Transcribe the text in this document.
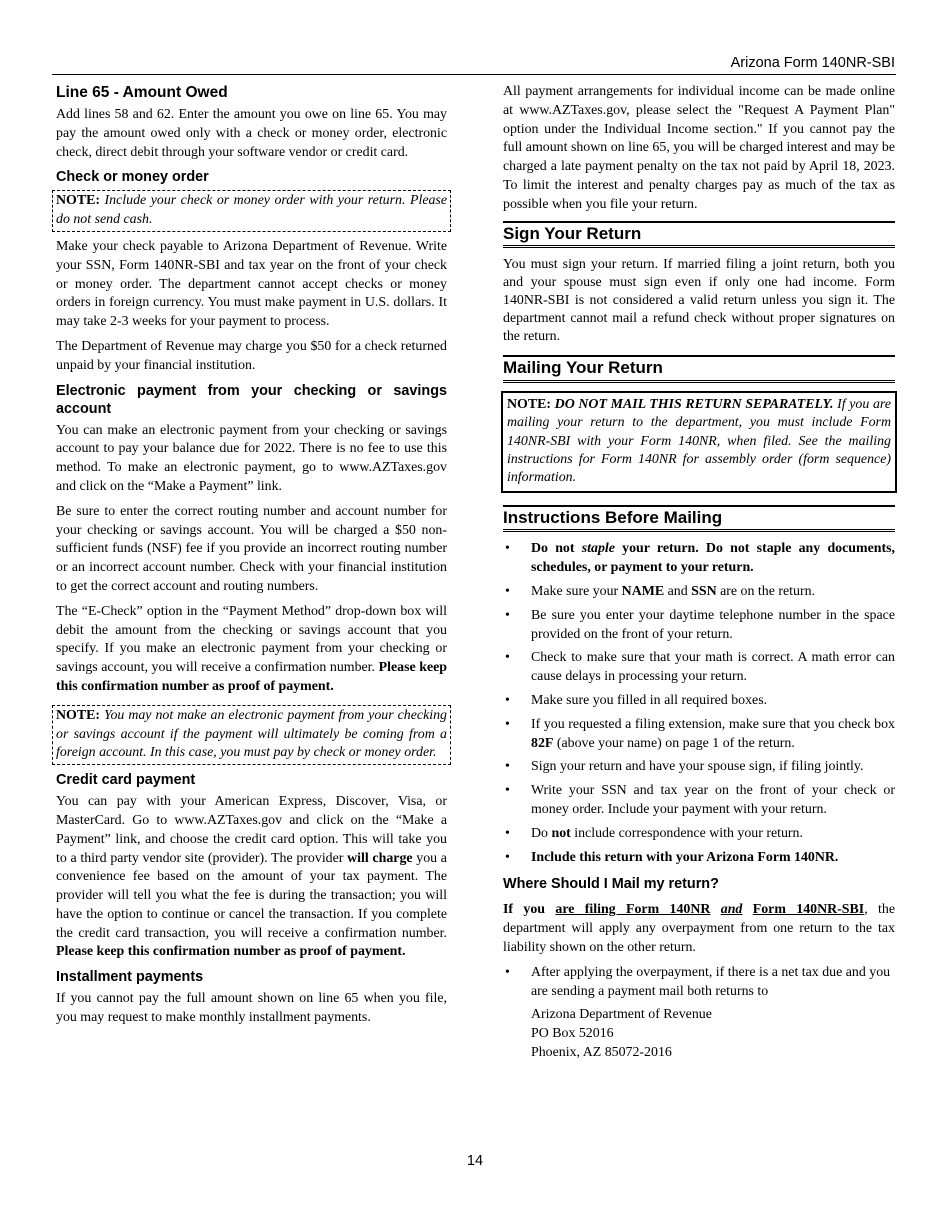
Arizona Form 140NR-SBI
Line 65 - Amount Owed

Add lines 58 and 62. Enter the amount you owe on line 65. You may pay the amount owed only with a check or money order, electronic check, direct debit through your software vendor or credit card.

Check or money order
NOTE: Include your check or money order with your return. Please do not send cash.

Make your check payable to Arizona Department of Revenue. Write your SSN, Form 140NR-SBI and tax year on the front of your check or money order. The department cannot accept checks or money orders in foreign currency. You must make payment in U.S. dollars. It may take 2-3 weeks for your payment to process.

The Department of Revenue may charge you $50 for a check returned unpaid by your financial institution.

Electronic payment from your checking or savings account

You can make an electronic payment from your checking or savings account to pay your balance due for 2022. There is no fee to use this method. To make an electronic payment, go to www.AZTaxes.gov and click on the “Make a Payment” link.

Be sure to enter the correct routing number and account number for your checking or savings account. You will be charged a $50 non-sufficient funds (NSF) fee if you provide an incorrect routing number or an incorrect account number. Check with your financial institution to get the correct account and routing numbers.

The “E-Check” option in the “Payment Method” drop-down box will debit the amount from the checking or savings account that you specify. If you make an electronic payment from your checking or savings account, you will receive a confirmation number. Please keep this confirmation number as proof of payment.

NOTE: You may not make an electronic payment from your checking or savings account if the payment will ultimately be coming from a foreign account. In this case, you must pay by check or money order.
Credit card payment

You can pay with your American Express, Discover, Visa, or MasterCard. Go to www.AZTaxes.gov and click on the “Make a Payment” link, and choose the credit card option. This will take you to a third party vendor site (provider). The provider will charge you a convenience fee based on the amount of your tax payment. The provider will tell you what the fee is during the transaction; you will have the option to continue or cancel the transaction. If you complete the credit card transaction, you will receive a confirmation number. Please keep this confirmation number as proof of payment.

Installment payments

If you cannot pay the full amount shown on line 65 when you file, you may request to make monthly installment payments.

All payment arrangements for individual income can be made online at www.AZTaxes.gov, please select the "Request A Payment Plan" option under the Individual Income section." If you cannot pay the full amount shown on line 65, you will be charged interest and may be charged a late payment penalty on the tax not paid by April 18, 2023. To limit the interest and penalty charges pay as much of the tax as possible when you file your return.

Sign Your Return

You must sign your return. If married filing a joint return, both you and your spouse must sign even if only one had income. Form 140NR-SBI is not considered a valid return unless you sign it. The department cannot mail a refund check without proper signatures on the return.

Mailing Your Return
NOTE: DO NOT MAIL THIS RETURN SEPARATELY. If you are mailing your return to the department, you must include Form 140NR-SBI with your Form 140NR, when filed. See the mailing instructions for Form 140NR for assembly order (form sequence) information.
Instructions Before Mailing
• Do not staple your return. Do not staple any documents, schedules, or payment to your return.
• Make sure your NAME and SSN are on the return.
• Be sure you enter your daytime telephone number in the space provided on the front of your return.
• Check to make sure that your math is correct. A math error can cause delays in processing your return.
• Make sure you filled in all required boxes.
• If you requested a filing extension, make sure that you check box 82F (above your name) on page 1 of the return.
• Sign your return and have your spouse sign, if filing jointly.
• Write your SSN and tax year on the front of your check or money order. Include your payment with your return.
• Do not include correspondence with your return.
• Include this return with your Arizona Form 140NR.
Where Should I Mail my return?

If you are filing Form 140NR and Form 140NR-SBI, the department will apply any overpayment from one return to the tax liability shown on the other return.

• After applying the overpayment, if there is a net tax due and you are sending a payment mail both returns to
Arizona Department of Revenue
PO Box 52016
Phoenix, AZ 85072-2016
14
